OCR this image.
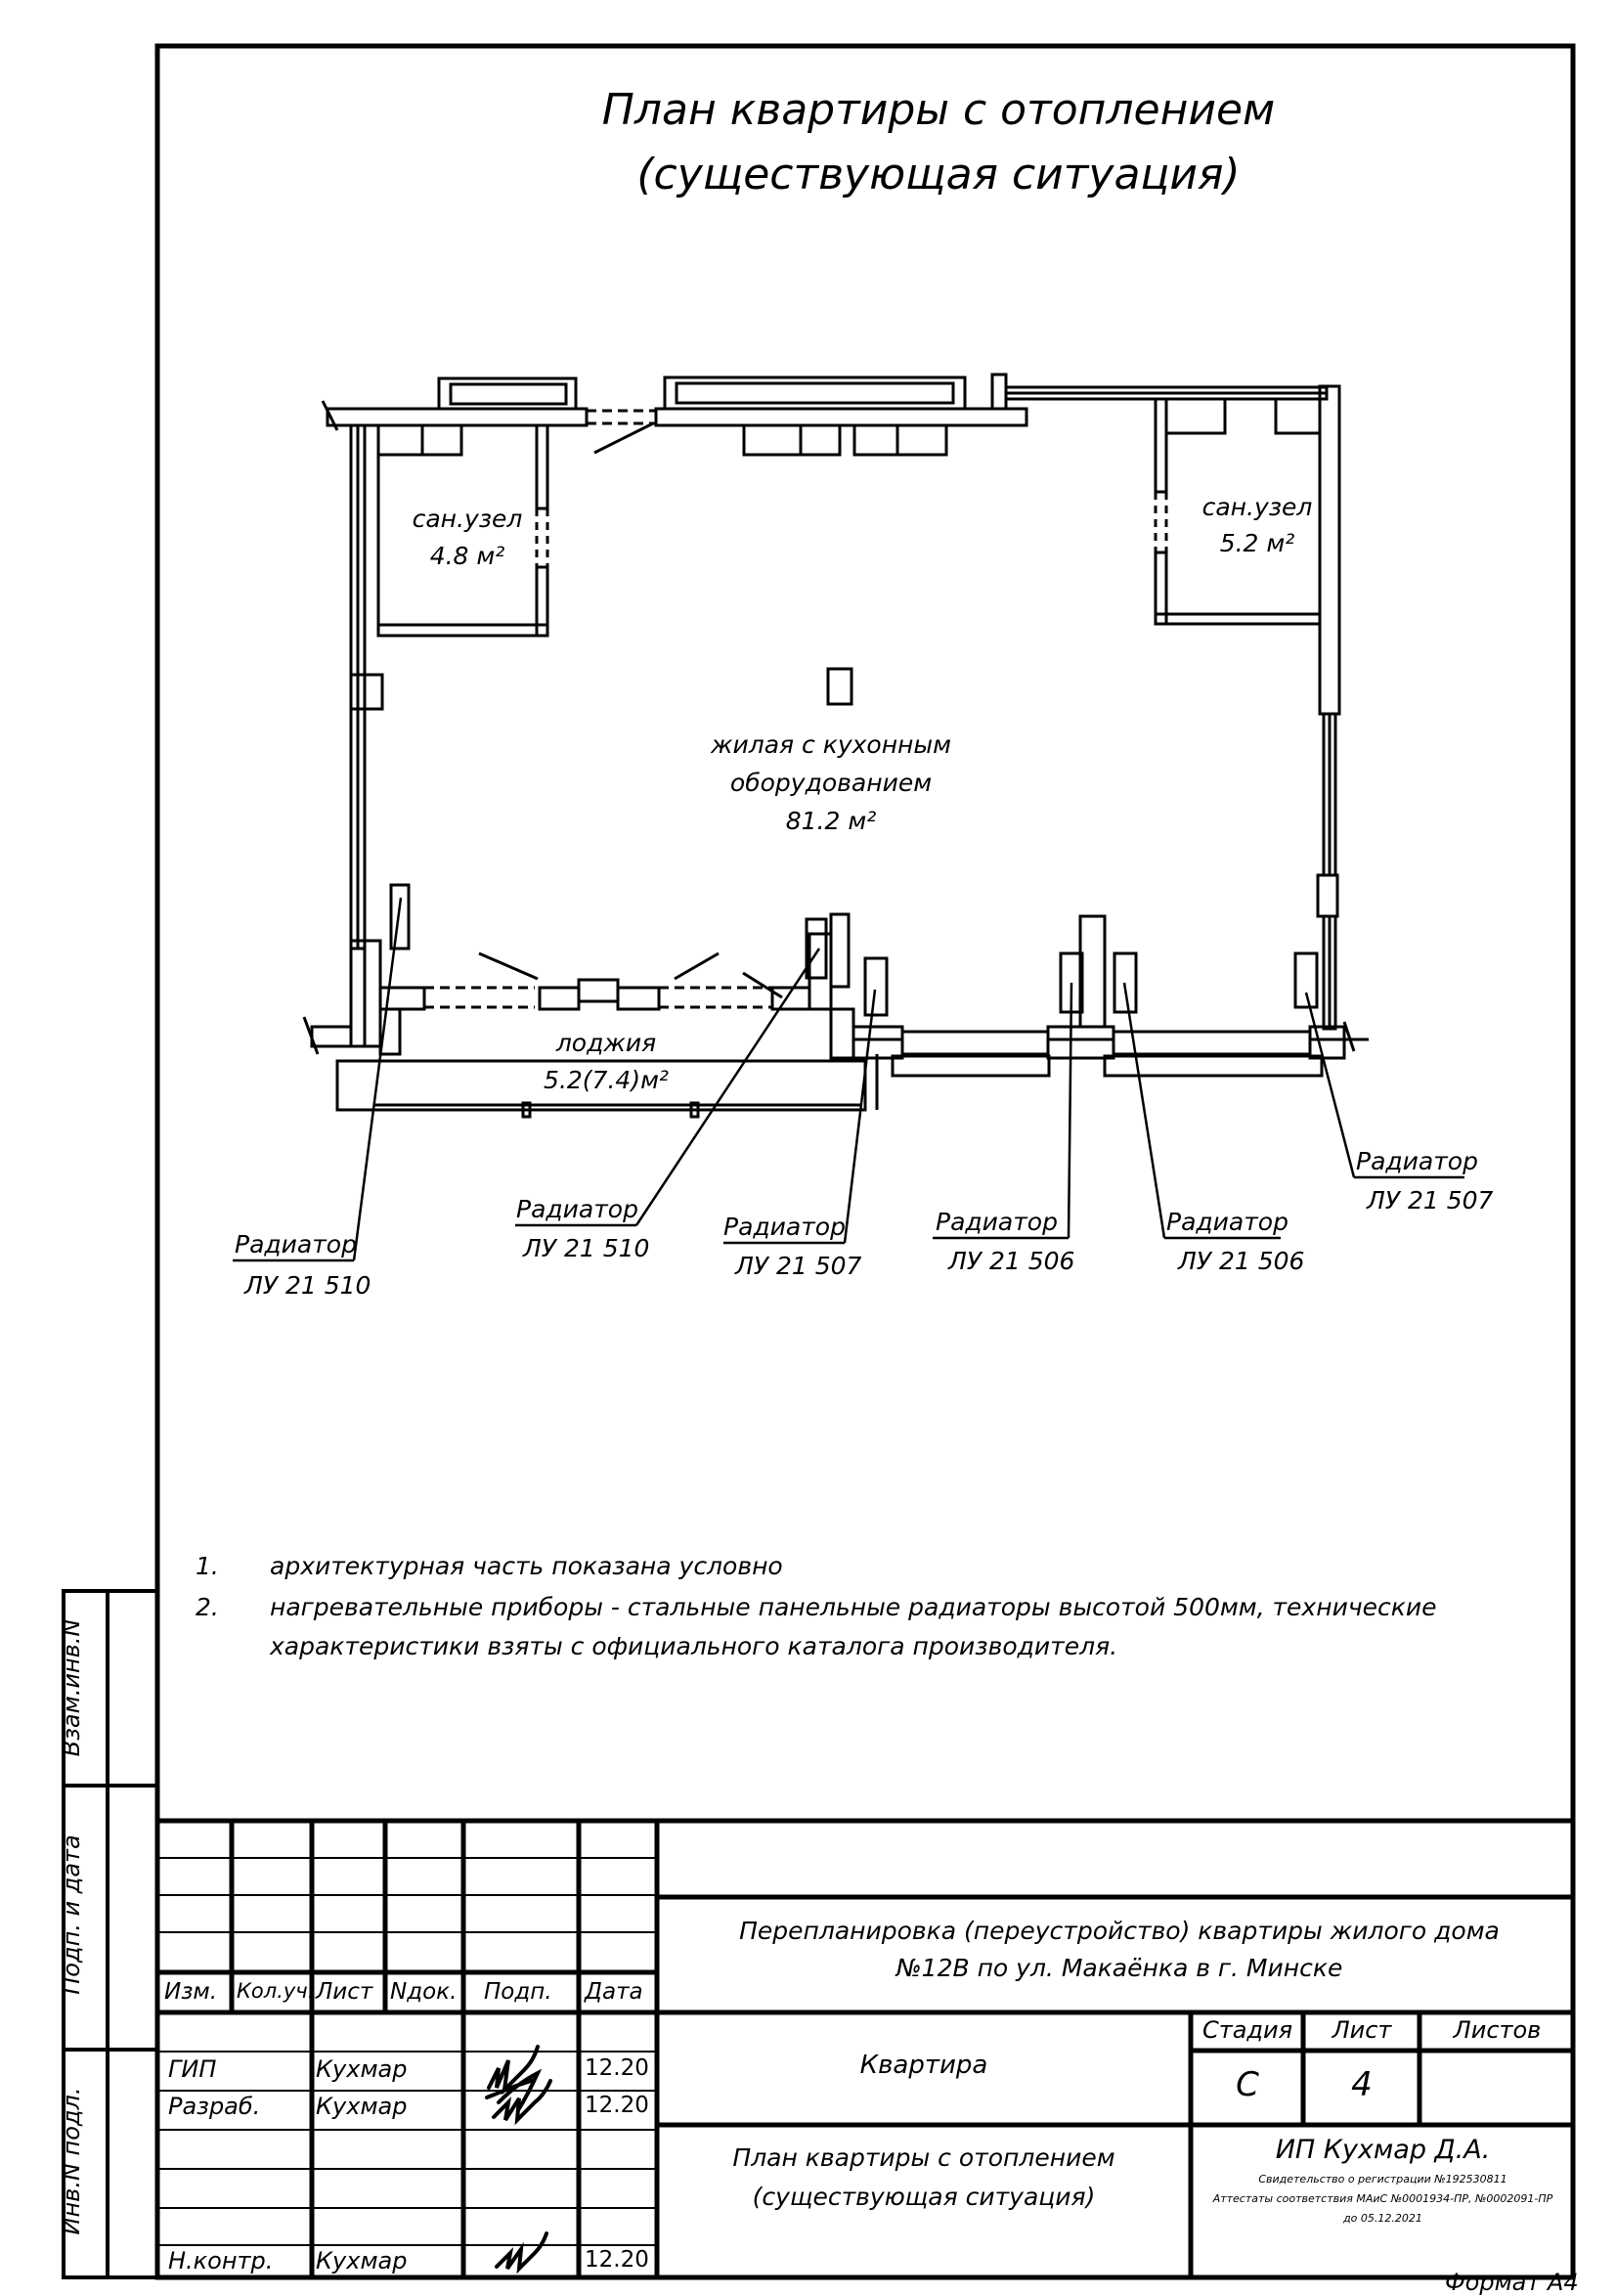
План квартиры с отоплением
(существующая ситуация)
сан.узел
4.8 м²
сан.узел
5.2 м²
жилая с кухонным
оборудованием
81.2 м²
лоджия
5.2(7.4)м²
Радиатор
ЛУ 21 510
Радиатор
ЛУ 21 510
Радиатор
ЛУ 21 507
Радиатор
ЛУ 21 506
Радиатор
ЛУ 21 506
Радиатор
ЛУ 21 507
1. архитектурная часть показана условно
2. нагревательные приборы - стальные панельные радиаторы высотой 500мм, технические характеристики взяты с официального каталога производителя.
Взам.инв.N
Подп. и дата
Инв.N подл.
Изм. Кол.уч. Лист Nдок. Подп. Дата
ГИП	Кухмар	12.20
Разраб. Кухмар	12.20
Н.контр. Кухмар	12.20
Перепланировка (переустройство) квартиры жилого дома
№12В по ул. Макаёнка в г. Минске
Квартира
План квартиры с отоплением
(существующая ситуация)
Стадия	Лист	Листов
С	4
ИП Кухмар Д.А.
Свидетельство о регистрации №192530811
Аттестаты соответствия МАиС №0001934-ПР, №0002091-ПР
до 05.12.2021
Формат А4
